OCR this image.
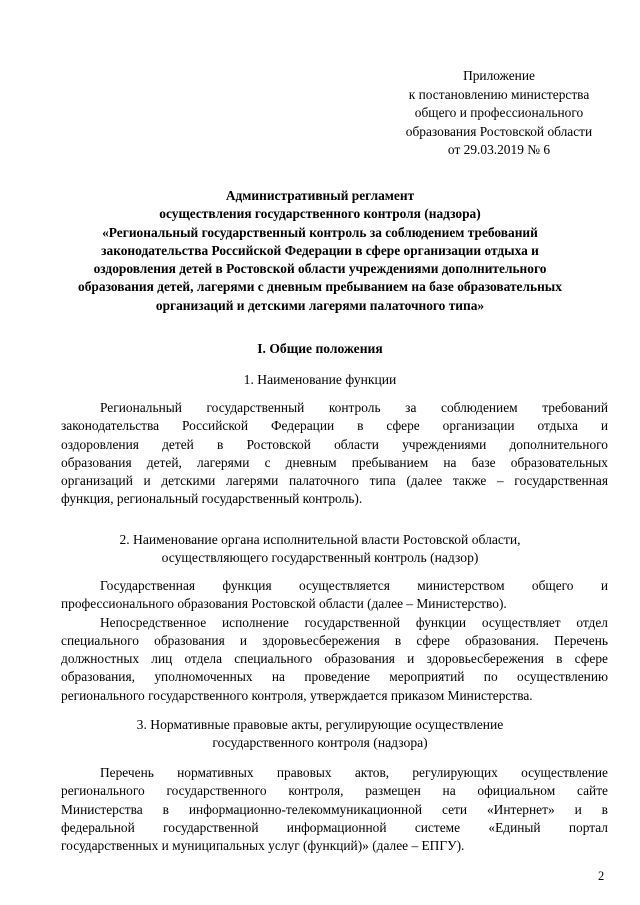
Приложение
к постановлению министерства
общего и профессионального
образования Ростовской области
от 29.03.2019 № 6
Административный регламент
осуществления государственного контроля (надзора)
«Региональный государственный контроль за соблюдением требований
законодательства Российской Федерации в сфере организации отдыха и
оздоровления детей в Ростовской области учреждениями дополнительного
образования детей, лагерями с дневным пребыванием на базе образовательных
организаций и детскими лагерями палаточного типа»
I. Общие положения
1. Наименование функции
Региональный государственный контроль за соблюдением требований
законодательства Российской Федерации в сфере организации отдыха и
оздоровления детей в Ростовской области учреждениями дополнительного
образования детей, лагерями с дневным пребыванием на базе образовательных
организаций и детскими лагерями палаточного типа (далее также – государственная
функция, региональный государственный контроль).
2. Наименование органа исполнительной власти Ростовской области,
осуществляющего государственный контроль (надзор)
Государственная функция осуществляется министерством общего и
профессионального образования Ростовской области (далее – Министерство).
Непосредственное исполнение государственной функции осуществляет отдел
специального образования и здоровьесбережения в сфере образования. Перечень
должностных лиц отдела специального образования и здоровьесбережения в сфере
образования, уполномоченных на проведение мероприятий по осуществлению
регионального государственного контроля, утверждается приказом Министерства.
3. Нормативные правовые акты, регулирующие осуществление
государственного контроля (надзора)
Перечень нормативных правовых актов, регулирующих осуществление
регионального государственного контроля, размещен на официальном сайте
Министерства в информационно-телекоммуникационной сети «Интернет» и в
федеральной государственной информационной системе «Единый портал
государственных и муниципальных услуг (функций)» (далее – ЕПГУ).
2
